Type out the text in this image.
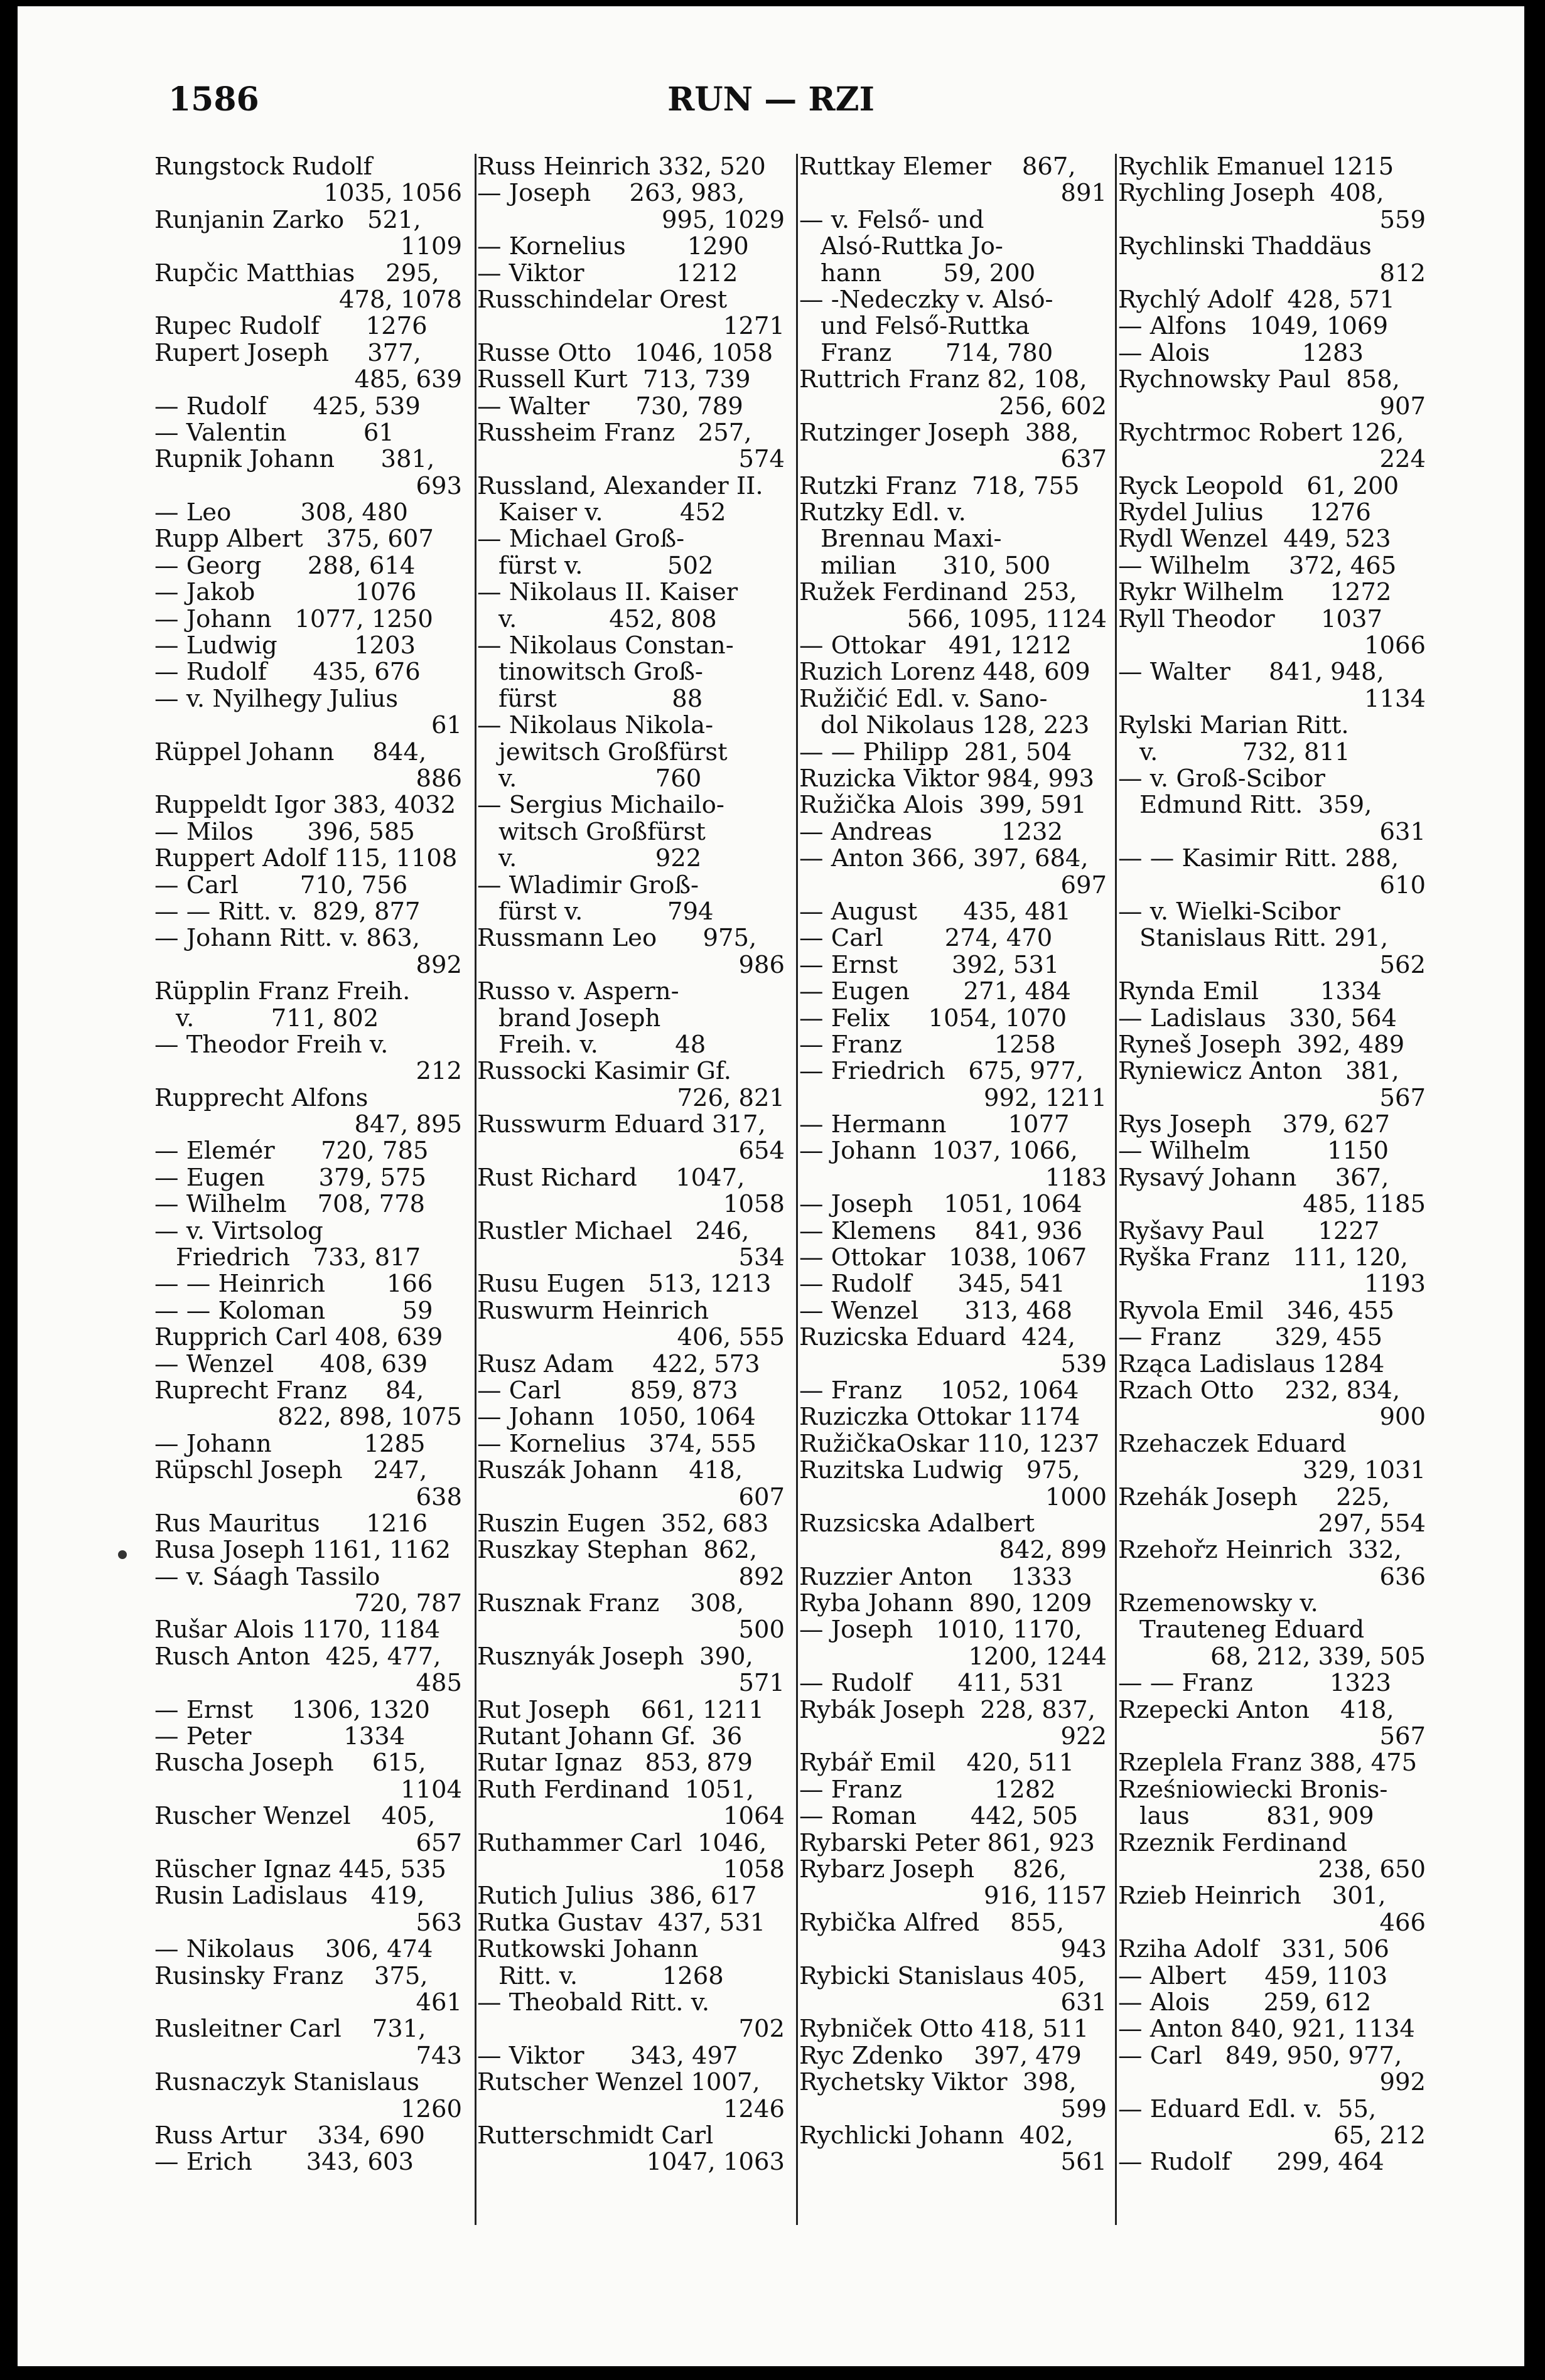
1586	RUN — RZI
Rungstock Rudolf
1035, 1056
Runjanin Zarko   521,
1109
Rupčic Matthias    295,
478, 1078
Rupec Rudolf      1276
Rupert Joseph     377,
485, 639
— Rudolf      425, 539
— Valentin          61
Rupnik Johann      381,
693
— Leo         308, 480
Rupp Albert   375, 607
— Georg      288, 614
— Jakob             1076
— Johann   1077, 1250
— Ludwig          1203
— Rudolf      435, 676
— v. Nyilhegy Julius
61
Rüppel Johann     844,
886
Ruppeldt Igor 383, 4032
— Milos       396, 585
Ruppert Adolf 115, 1108
— Carl        710, 756
— — Ritt. v.  829, 877
— Johann Ritt. v. 863,
892
Rüpplin Franz Freih.
v.          711, 802
— Theodor Freih v.
212
Rupprecht Alfons
847, 895
— Elemér      720, 785
— Eugen       379, 575
— Wilhelm    708, 778
— v. Virtsolog
Friedrich   733, 817
— — Heinrich        166
— — Koloman          59
Rupprich Carl 408, 639
— Wenzel      408, 639
Ruprecht Franz     84,
822, 898, 1075
— Johann            1285
Rüpschl Joseph    247,
638
Rus Mauritus      1216
Rusa Joseph 1161, 1162
— v. Sáagh Tassilo
720, 787
Rušar Alois 1170, 1184
Rusch Anton  425, 477,
485
— Ernst     1306, 1320
— Peter            1334
Ruscha Joseph     615,
1104
Ruscher Wenzel    405,
657
Rüscher Ignaz 445, 535
Rusin Ladislaus   419,
563
— Nikolaus    306, 474
Rusinsky Franz    375,
461
Rusleitner Carl    731,
743
Rusnaczyk Stanislaus
1260
Russ Artur    334, 690
— Erich       343, 603
Russ Heinrich 332, 520
— Joseph     263, 983,
995, 1029
— Kornelius        1290
— Viktor            1212
Russchindelar Orest
1271
Russe Otto   1046, 1058
Russell Kurt  713, 739
— Walter      730, 789
Russheim Franz   257,
574
Russland, Alexander II.
Kaiser v.          452
— Michael Groß-
fürst v.           502
— Nikolaus II. Kaiser
v.            452, 808
— Nikolaus Constan-
tinowitsch Groß-
fürst               88
— Nikolaus Nikola-
jewitsch Großfürst
v.                  760
— Sergius Michailo-
witsch Großfürst
v.                  922
— Wladimir Groß-
fürst v.           794
Russmann Leo      975,
986
Russo v. Aspern-
brand Joseph
Freih. v.          48
Russocki Kasimir Gf.
726, 821
Russwurm Eduard 317,
654
Rust Richard     1047,
1058
Rustler Michael   246,
534
Rusu Eugen   513, 1213
Ruswurm Heinrich
406, 555
Rusz Adam     422, 573
— Carl         859, 873
— Johann   1050, 1064
— Kornelius   374, 555
Ruszák Johann    418,
607
Ruszin Eugen  352, 683
Ruszkay Stephan  862,
892
Rusznak Franz    308,
500
Rusznyák Joseph  390,
571
Rut Joseph    661, 1211
Rutant Johann Gf.  36
Rutar Ignaz   853, 879
Ruth Ferdinand  1051,
1064
Ruthammer Carl  1046,
1058
Rutich Julius  386, 617
Rutka Gustav  437, 531
Rutkowski Johann
Ritt. v.           1268
— Theobald Ritt. v.
702
— Viktor      343, 497
Rutscher Wenzel 1007,
1246
Rutterschmidt Carl
1047, 1063
Ruttkay Elemer    867,
891
— v. Felső- und
Alsó-Ruttka Jo-
hann        59, 200
— -Nedeczky v. Alsó-
und Felső-Ruttka
Franz       714, 780
Ruttrich Franz 82, 108,
256, 602
Rutzinger Joseph  388,
637
Rutzki Franz  718, 755
Rutzky Edl. v.
Brennau Maxi-
milian      310, 500
Ružek Ferdinand  253,
566, 1095, 1124
— Ottokar   491, 1212
Ruzich Lorenz 448, 609
Ružičić Edl. v. Sano-
dol Nikolaus 128, 223
— — Philipp  281, 504
Ruzicka Viktor 984, 993
Ružička Alois  399, 591
— Andreas         1232
— Anton 366, 397, 684,
697
— August      435, 481
— Carl        274, 470
— Ernst       392, 531
— Eugen       271, 484
— Felix     1054, 1070
— Franz            1258
— Friedrich   675, 977,
992, 1211
— Hermann        1077
— Johann  1037, 1066,
1183
— Joseph    1051, 1064
— Klemens     841, 936
— Ottokar   1038, 1067
— Rudolf      345, 541
— Wenzel      313, 468
Ruzicska Eduard  424,
539
— Franz     1052, 1064
Ruziczka Ottokar 1174
RužičkaOskar 110, 1237
Ruzitska Ludwig   975,
1000
Ruzsicska Adalbert
842, 899
Ruzzier Anton     1333
Ryba Johann  890, 1209
— Joseph   1010, 1170,
1200, 1244
— Rudolf      411, 531
Rybák Joseph  228, 837,
922
Rybář Emil    420, 511
— Franz            1282
— Roman       442, 505
Rybarski Peter 861, 923
Rybarz Joseph     826,
916, 1157
Rybička Alfred    855,
943
Rybicki Stanislaus 405,
631
Rybniček Otto 418, 511
Ryc Zdenko    397, 479
Rychetsky Viktor  398,
599
Rychlicki Johann  402,
561
Rychlik Emanuel 1215
Rychling Joseph  408,
559
Rychlinski Thaddäus
812
Rychlý Adolf  428, 571
— Alfons   1049, 1069
— Alois            1283
Rychnowsky Paul  858,
907
Rychtrmoc Robert 126,
224
Ryck Leopold   61, 200
Rydel Julius      1276
Rydl Wenzel  449, 523
— Wilhelm     372, 465
Rykr Wilhelm      1272
Ryll Theodor      1037
1066
— Walter     841, 948,
1134
Rylski Marian Ritt.
v.           732, 811
— v. Groß-Scibor
Edmund Ritt.  359,
631
— — Kasimir Ritt. 288,
610
— v. Wielki-Scibor
Stanislaus Ritt. 291,
562
Rynda Emil        1334
— Ladislaus   330, 564
Ryneš Joseph  392, 489
Ryniewicz Anton   381,
567
Rys Joseph    379, 627
— Wilhelm          1150
Rysavý Johann     367,
485, 1185
Ryšavy Paul       1227
Ryška Franz   111, 120,
1193
Ryvola Emil   346, 455
— Franz       329, 455
Rząca Ladislaus 1284
Rzach Otto    232, 834,
900
Rzehaczek Eduard
329, 1031
Rzehák Joseph     225,
297, 554
Rzehořz Heinrich  332,
636
Rzemenowsky v.
Trauteneg Eduard
68, 212, 339, 505
— — Franz          1323
Rzepecki Anton    418,
567
Rzeplela Franz 388, 475
Rześniowiecki Bronis-
laus          831, 909
Rzeznik Ferdinand
238, 650
Rzieb Heinrich    301,
466
Rziha Adolf   331, 506
— Albert     459, 1103
— Alois       259, 612
— Anton 840, 921, 1134
— Carl   849, 950, 977,
992
— Eduard Edl. v.  55,
65, 212
— Rudolf      299, 464
